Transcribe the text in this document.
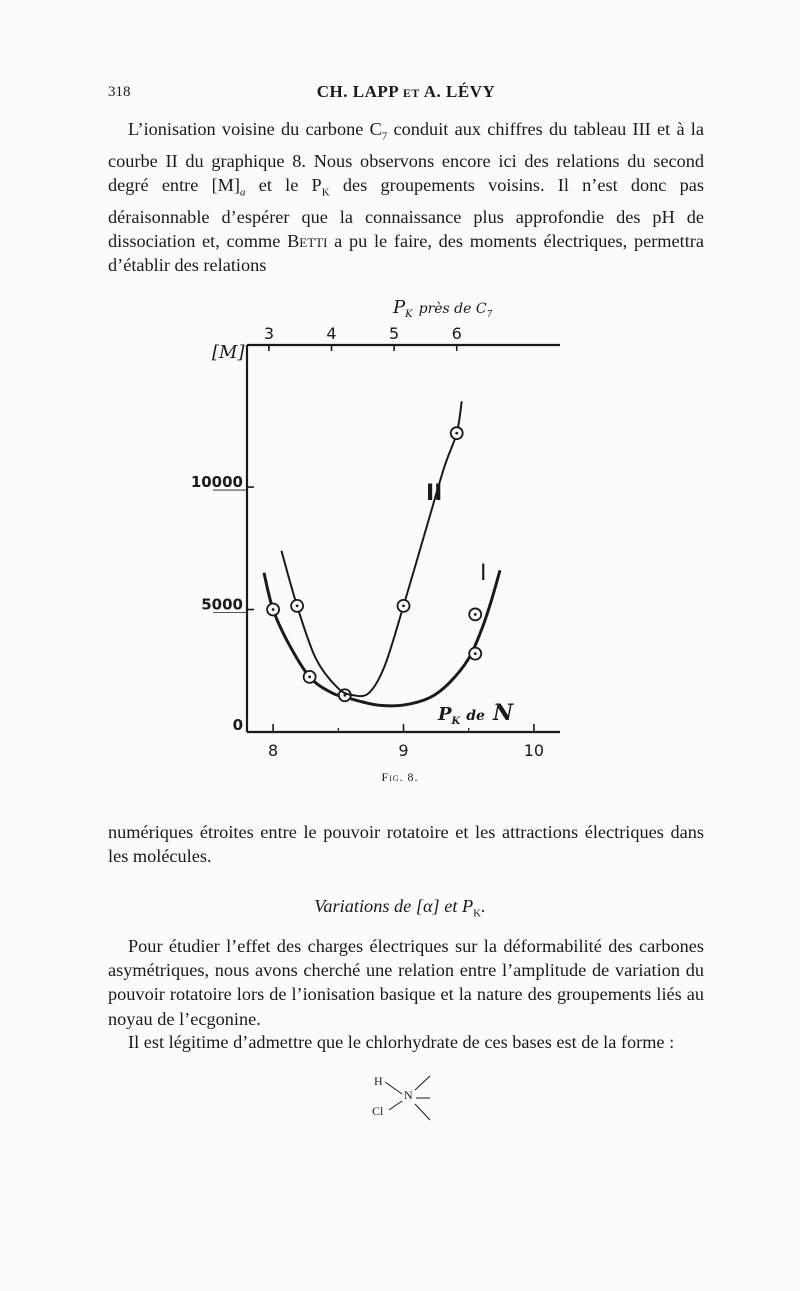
318	CH. LAPP et A. LÉVY

L’ionisation voisine du carbone $C_7$ conduit aux chiffres du tableau III et à la courbe II du graphique 8. Nous observons encore ici des relations du second degré entre $[M]_a$ et le $P_K$ des groupements voisins. Il n’est donc pas déraisonnable d’espérer que la connaissance plus approfondie des pH de dissociation et, comme Betti a pu le faire, des moments électriques, permettra d’établir des relations

8	9	10
3	4	5	6
0
5000
10000
[M]
$P_K$ $^{près de C}_7$
$P_K$ $^{de}$ N
I
II
Fig. 8.

numériques étroites entre le pouvoir rotatoire et les attractions électriques dans les molécules.

Variations de [α] et $P_K$.

Pour étudier l’effet des charges électriques sur la déformabilité des carbones asymétriques, nous avons cherché une relation entre l’amplitude de variation du pouvoir rotatoire lors de l’ionisation basique et la nature des groupements liés au noyau de l’ecgonine.

Il est légitime d’admettre que le chlorhydrate de ces bases est de la forme :

H
N
Cl
